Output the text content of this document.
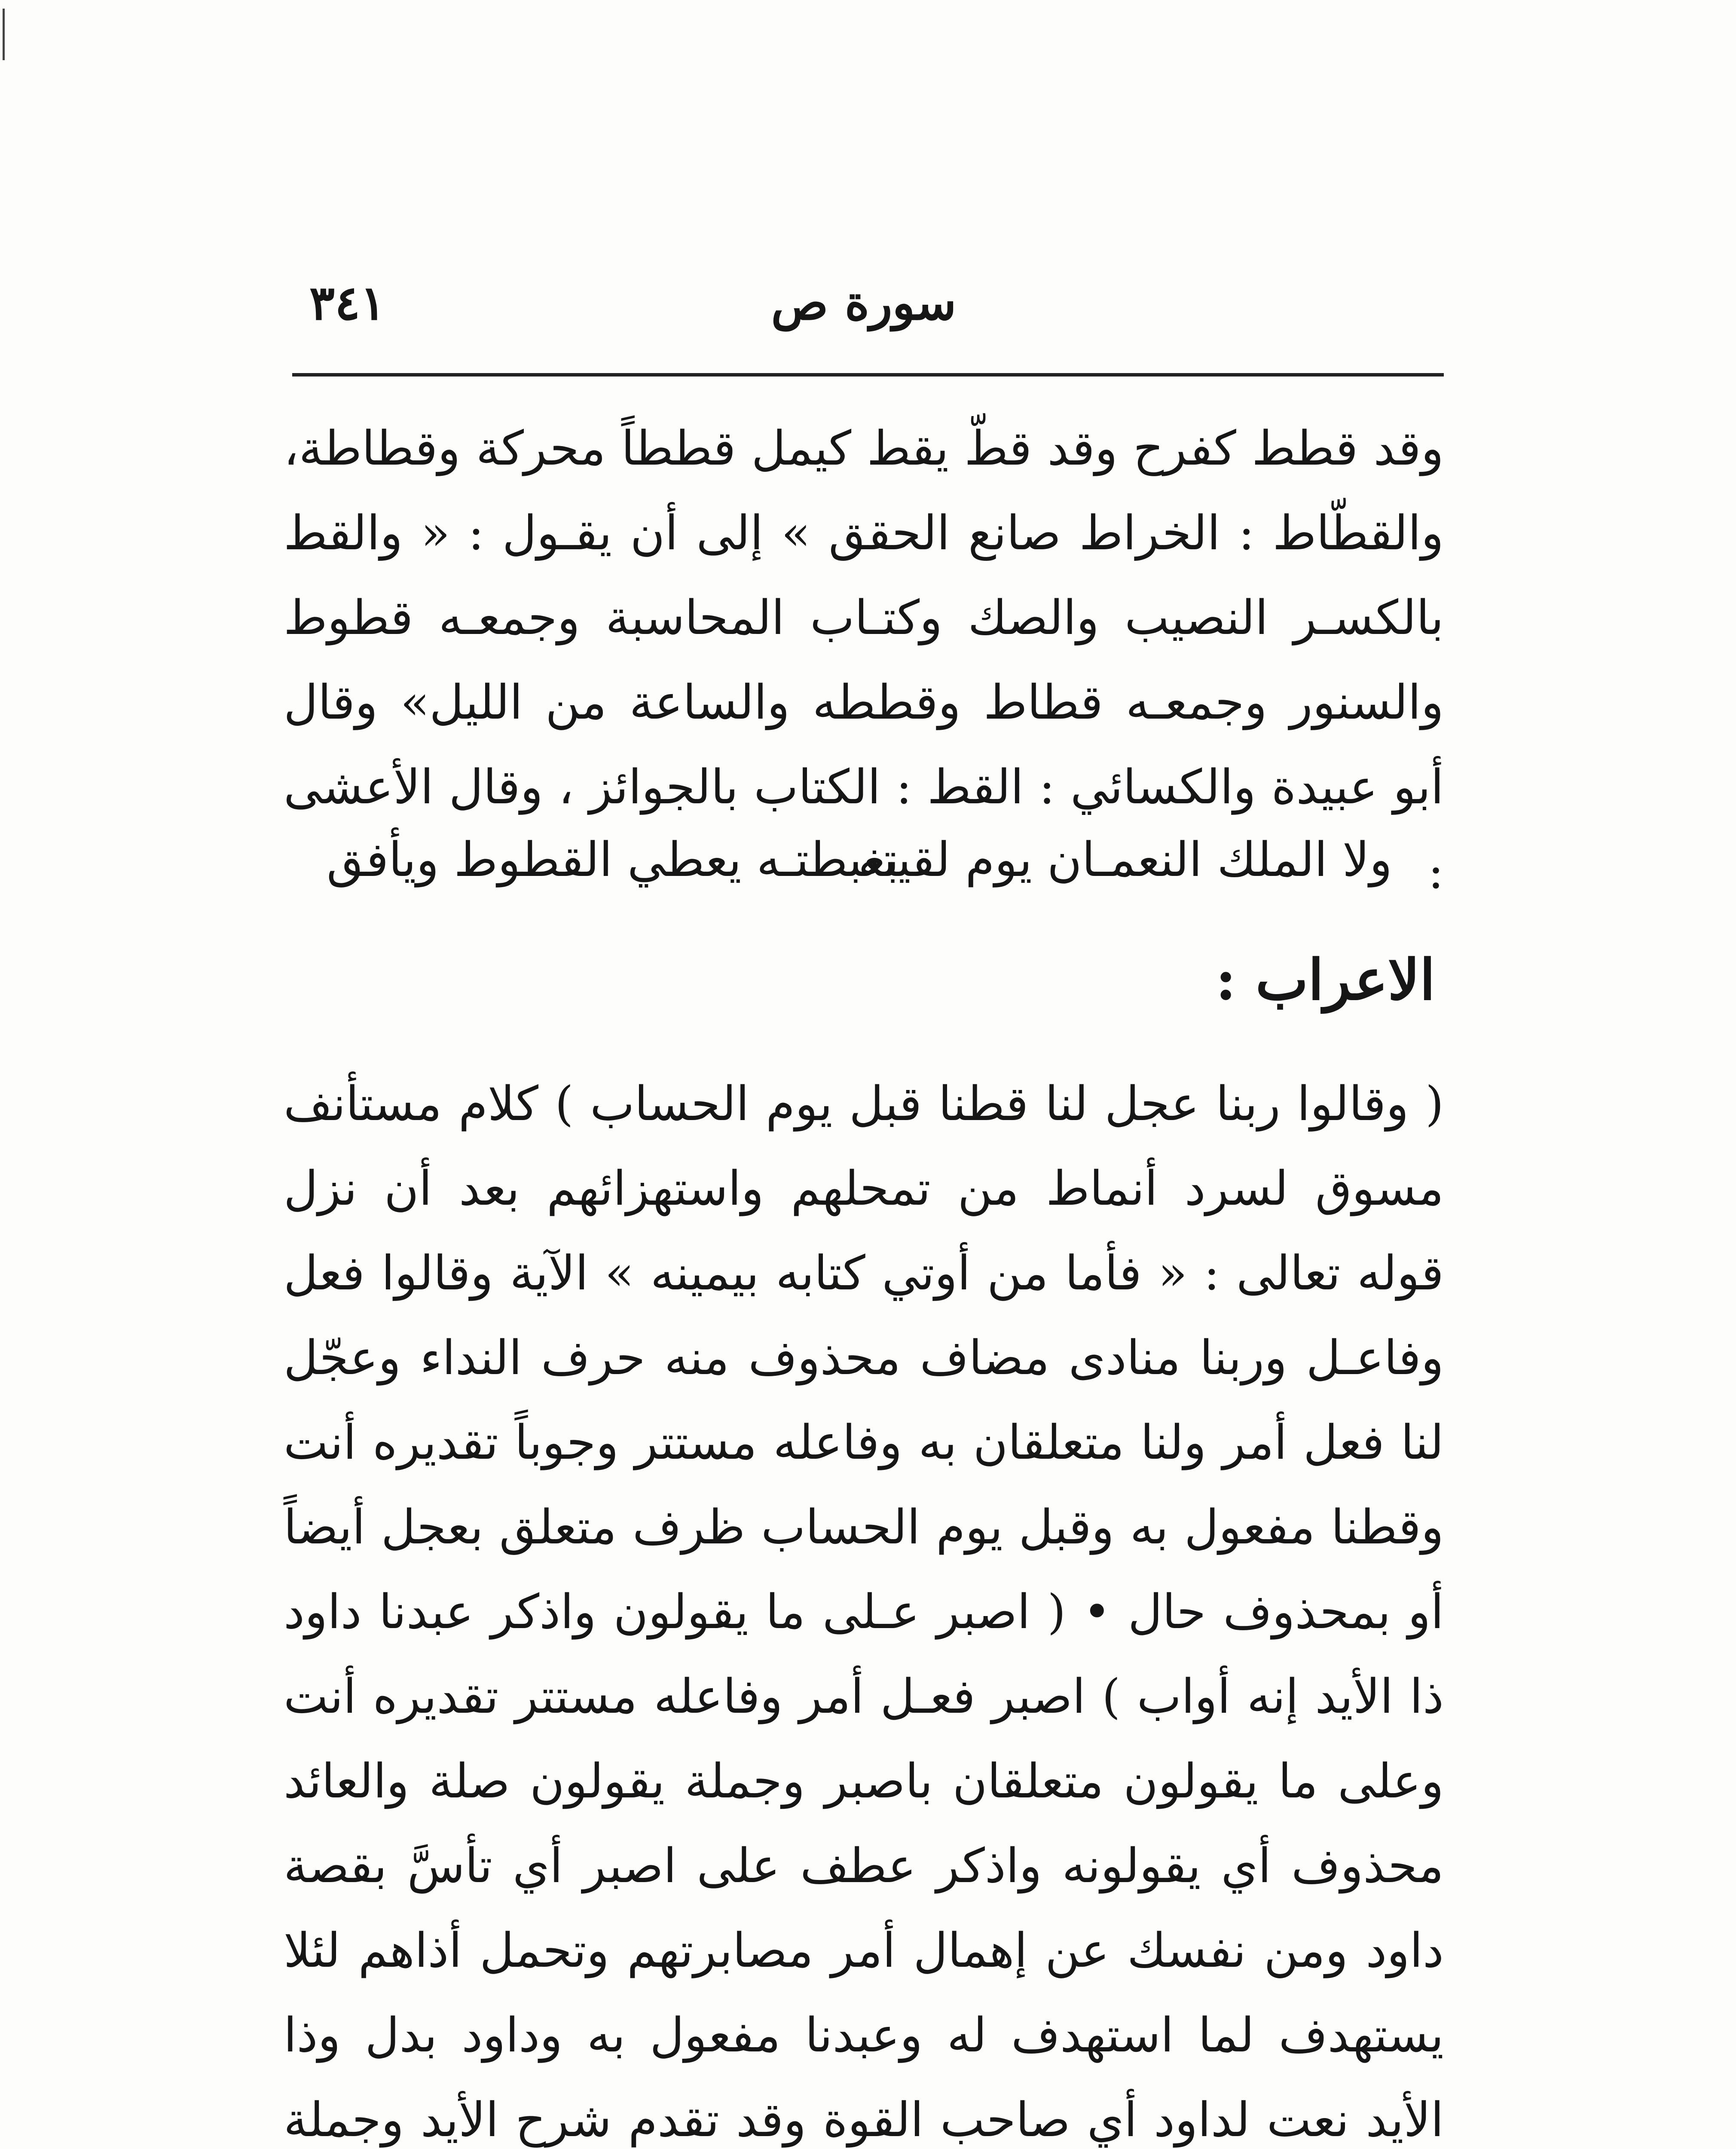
٣٤١	سورة ص

وقد قطط كفرح وقد قطّ يقط كيمل قططاً محركة وقطاطة، والقطّاط : الخراط صانع الحقق » إلى أن يقـول : « والقط بالكسـر النصيب والصك وكتـاب المحاسبة وجمعـه قطوط والسنور وجمعـه قطاط وقططه والساعة من الليل» وقال أبو عبيدة والكسائي : القط : الكتاب بالجوائز ، وقال الأعشى :

ولا الملك النعمـان يوم لقيته
بغبطتـه يعطي القطوط ويأفق
الاعراب :

( وقالوا ربنا عجل لنا قطنا قبل يوم الحساب ) كلام مستأنف مسوق لسرد أنماط من تمحلهم واستهزائهم بعد أن نزل قوله تعالى : « فأما من أوتي كتابه بيمينه » الآية وقالوا فعل وفاعـل وربنا منادى مضاف محذوف منه حرف النداء وعجّل لنا فعل أمر ولنا متعلقان به وفاعله مستتر وجوباً تقديره أنت وقطنا مفعول به وقبل يوم الحساب ظرف متعلق بعجل أيضاً أو بمحذوف حال • ( اصبر عـلى ما يقولون واذكر عبدنا داود ذا الأيد إنه أواب ) اصبر فعـل أمر وفاعله مستتر تقديره أنت وعلى ما يقولون متعلقان باصبر وجملة يقولون صلة والعائد محذوف أي يقولونه واذكر عطف على اصبر أي تأسَّ بقصة داود ومن نفسك عن إهمال أمر مصابرتهم وتحمل أذاهم لئلا يستهدف لما استهدف له وعبدنا مفعول به وداود بدل وذا الأيد نعت لداود أي صاحب القوة وقد تقدم شرح الأيد وجملة
